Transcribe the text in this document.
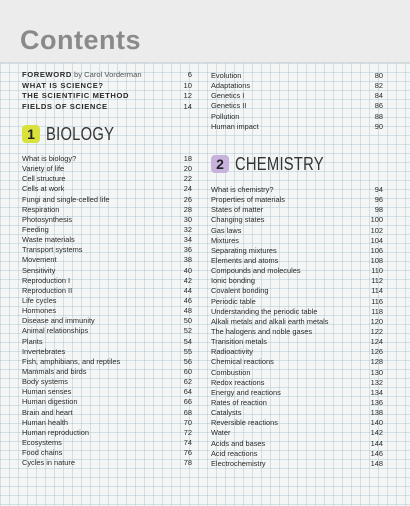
Contents
FOREWORD by Carol Vorderman	6
WHAT IS SCIENCE?	10
THE SCIENTIFIC METHOD	12
FIELDS OF SCIENCE	14
1 BIOLOGY
What is biology?	18
Variety of life	20
Cell structure	22
Cells at work	24
Fungi and single-celled life	26
Respiration	28
Photosynthesis	30
Feeding	32
Waste materials	34
Transport systems	36
Movement	38
Sensitivity	40
Reproduction I	42
Reproduction II	44
Life cycles	46
Hormones	48
Disease and immunity	50
Animal relationships	52
Plants	54
Invertebrates	55
Fish, amphibians, and reptiles	56
Mammals and birds	60
Body systems	62
Human senses	64
Human digestion	66
Brain and heart	68
Human health	70
Human reproduction	72
Ecosystems	74
Food chains	76
Cycles in nature	78
Evolution	80
Adaptations	82
Genetics I	84
Genetics II	86
Pollution	88
Human impact	90
2 CHEMISTRY
What is chemistry?	94
Properties of materials	96
States of matter	98
Changing states	100
Gas laws	102
Mixtures	104
Separating mixtures	106
Elements and atoms	108
Compounds and molecules	110
Ionic bonding	112
Covalent bonding	114
Periodic table	116
Understanding the periodic table	118
Alkali metals and alkali earth metals	120
The halogens and noble gases	122
Transition metals	124
Radioactivity	126
Chemical reactions	128
Combustion	130
Redox reactions	132
Energy and reactions	134
Rates of reaction	136
Catalysts	138
Reversible reactions	140
Water	142
Acids and bases	144
Acid reactions	146
Electrochemistry	148
